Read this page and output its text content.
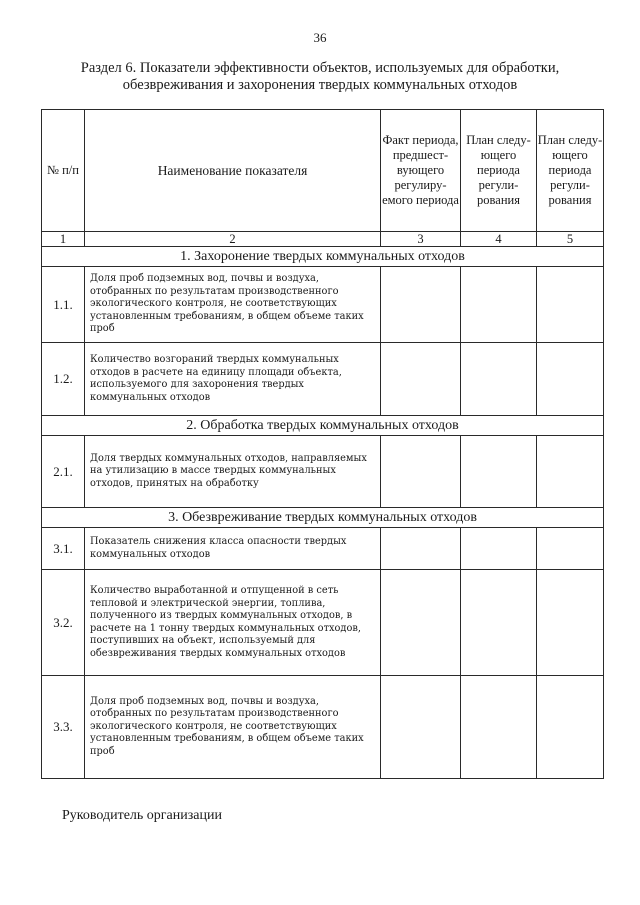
36
Раздел 6. Показатели эффективности объектов, используемых для обработки,
обезвреживания и захоронения твердых коммунальных отходов
№ п/п	Наименование показателя	Факт периода, предшест-вующего регулиру-емого периода	План следу-ющего периода регули-рования	План следу-ющего периода регули-рования
1	2	3	4	5
1. Захоронение твердых коммунальных отходов				
1.1.	Доля проб подземных вод, почвы и воздуха, отобранных по результатам производственного экологического контроля, не соответствующих установленным требованиям, в общем объеме таких проб			
1.2.	Количество возгораний твердых коммунальных отходов в расчете на единицу площади объекта, используемого для захоронения твердых коммунальных отходов			
2. Обработка твердых коммунальных отходов				
2.1.	Доля твердых коммунальных отходов, направляемых на утилизацию в массе твердых коммунальных отходов, принятых на обработку			
3. Обезвреживание твердых коммунальных отходов				
3.1.	Показатель снижения класса опасности твердых коммунальных отходов			
3.2.	Количество выработанной и отпущенной в сеть тепловой и электрической энергии, топлива, полученного из твердых коммунальных отходов, в расчете на 1 тонну твердых коммунальных отходов, поступивших на объект, используемый для обезвреживания твердых коммунальных отходов			
3.3.	Доля проб подземных вод, почвы и воздуха, отобранных по результатам производственного экологического контроля, не соответствующих установленным требованиям, в общем объеме таких проб			
Руководитель организации
